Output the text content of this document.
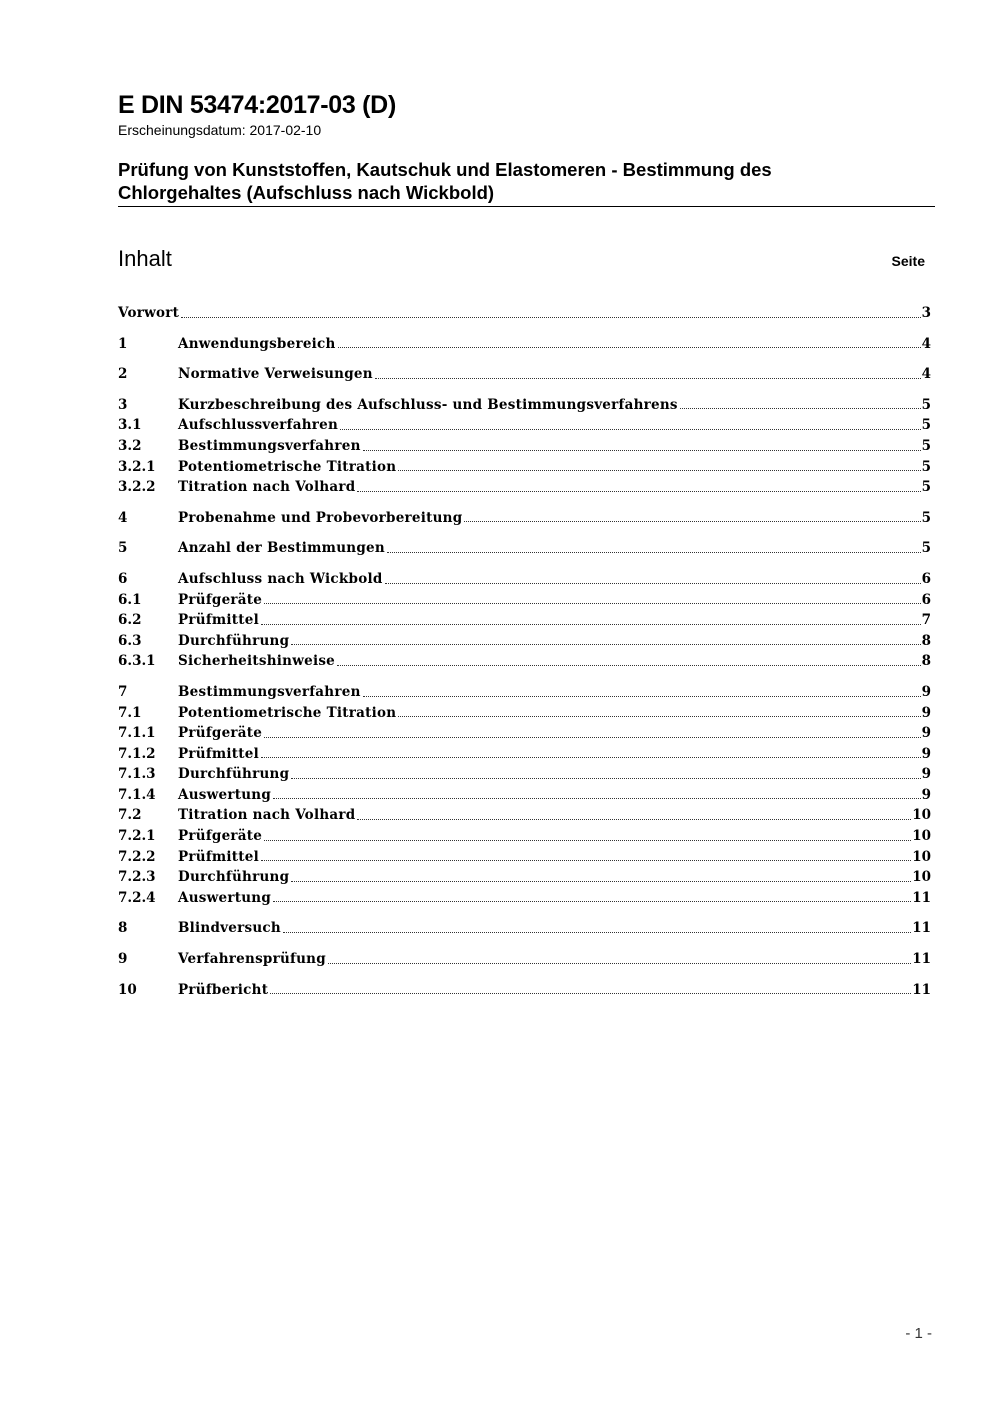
E DIN 53474:2017-03 (D)
Erscheinungsdatum: 2017-02-10
Prüfung von Kunststoffen, Kautschuk und Elastomeren - Bestimmung des Chlorgehaltes (Aufschluss nach Wickbold)
Inhalt	Seite
Vorwort	3
1	Anwendungsbereich	4
2	Normative Verweisungen	4
3	Kurzbeschreibung des Aufschluss- und Bestimmungsverfahrens	5
3.1	Aufschlussverfahren	5
3.2	Bestimmungsverfahren	5
3.2.1	Potentiometrische Titration	5
3.2.2	Titration nach Volhard	5
4	Probenahme und Probevorbereitung	5
5	Anzahl der Bestimmungen	5
6	Aufschluss nach Wickbold	6
6.1	Prüfgeräte	6
6.2	Prüfmittel	7
6.3	Durchführung	8
6.3.1	Sicherheitshinweise	8
7	Bestimmungsverfahren	9
7.1	Potentiometrische Titration	9
7.1.1	Prüfgeräte	9
7.1.2	Prüfmittel	9
7.1.3	Durchführung	9
7.1.4	Auswertung	9
7.2	Titration nach Volhard	10
7.2.1	Prüfgeräte	10
7.2.2	Prüfmittel	10
7.2.3	Durchführung	10
7.2.4	Auswertung	11
8	Blindversuch	11
9	Verfahrensprüfung	11
10	Prüfbericht	11
- 1 -
